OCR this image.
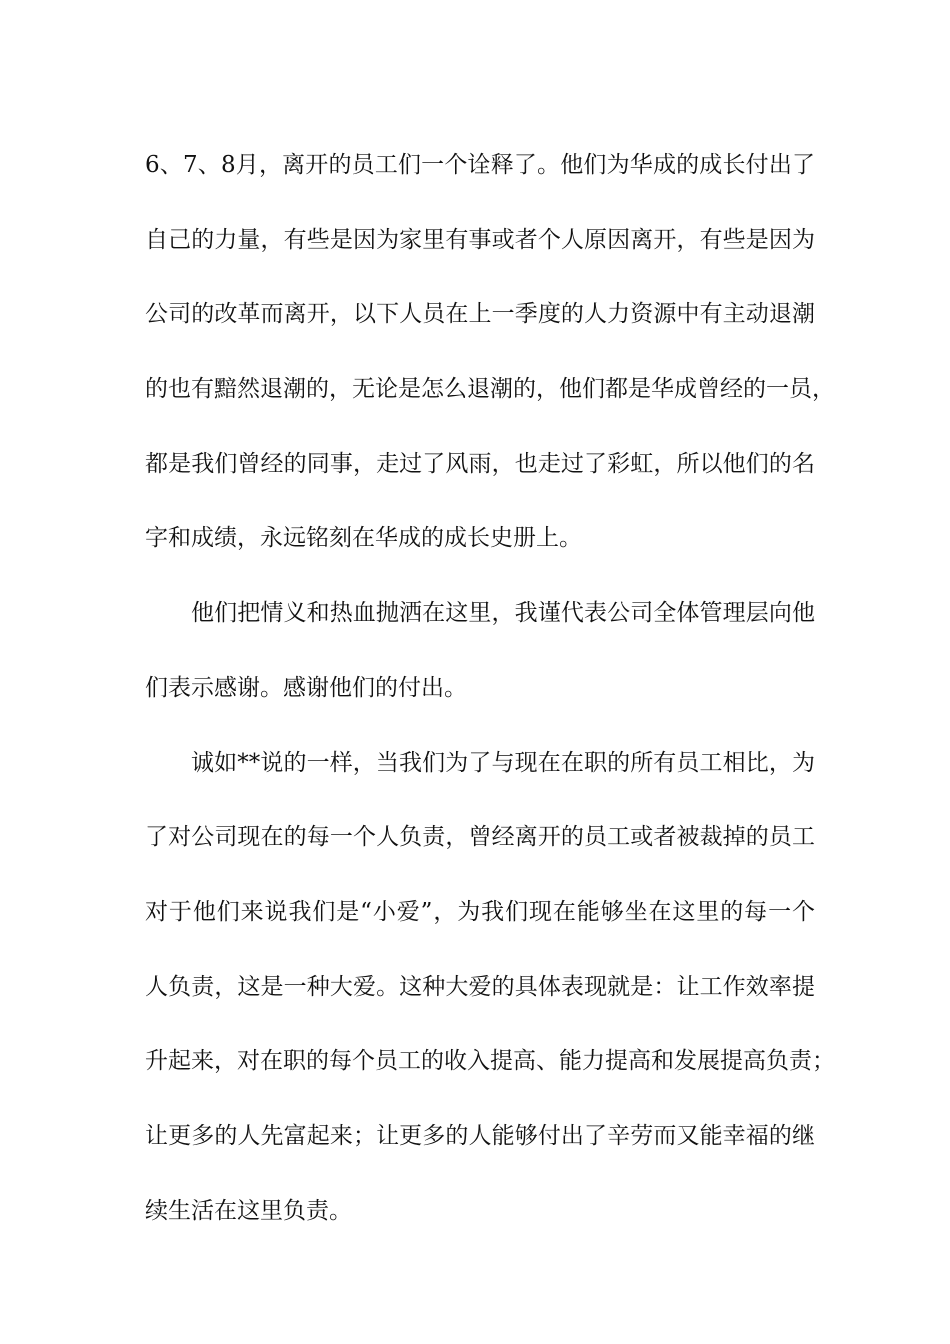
6、7、8月，离开的员工们一个诠释了。他们为华成的成长付出了
自己的力量，有些是因为家里有事或者个人原因离开，有些是因为
公司的改革而离开，以下人员在上一季度的人力资源中有主动退潮
的也有黯然退潮的，无论是怎么退潮的，他们都是华成曾经的一员，
都是我们曾经的同事，走过了风雨，也走过了彩虹，所以他们的名
字和成绩，永远铭刻在华成的成长史册上。
他们把情义和热血抛洒在这里，我谨代表公司全体管理层向他
们表示感谢。感谢他们的付出。
诚如**说的一样，当我们为了与现在在职的所有员工相比，为
了对公司现在的每一个人负责，曾经离开的员工或者被裁掉的员工
对于他们来说我们是“小爱”，为我们现在能够坐在这里的每一个
人负责，这是一种大爱。这种大爱的具体表现就是：让工作效率提
升起来，对在职的每个员工的收入提高、能力提高和发展提高负责；
让更多的人先富起来；让更多的人能够付出了辛劳而又能幸福的继
续生活在这里负责。
